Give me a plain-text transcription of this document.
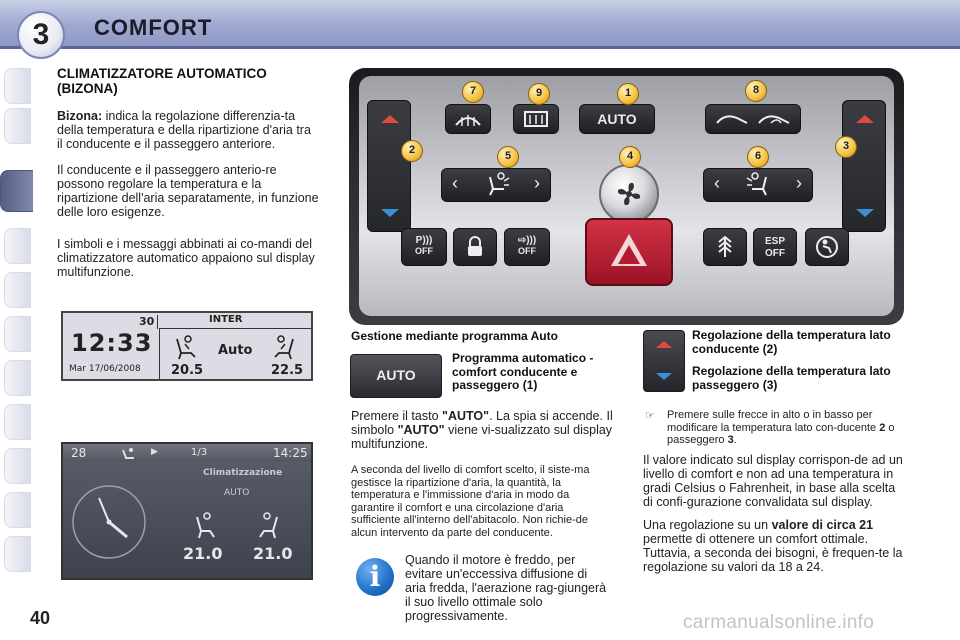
3	COMFORT
CLIMATIZZATORE AUTOMATICO (BIZONA)
Bizona: indica la regolazione differenzia-ta della temperatura e della ripartizione d'aria tra il conducente e il passeggero anteriore.
Il conducente e il passeggero anterio-re possono regolare la temperatura e la ripartizione dell'aria separatamente, in funzione delle loro esigenze.
I simboli e i messaggi abbinati ai co-mandi del climatizzatore automatico appaiono sul display multifunzione.
30	INTER
12:33
Mar 17/06/2008
Auto
20.5	22.5
28	▶	1/3	14:25
Climatizzazione
AUTO
21.0 21.0
AUTO
‹	›	‹	›
P)))
OFF
⇨)))
OFF
ESP
OFF
7	9	1	8
2	5	4	6
3
Gestione mediante programma Auto
AUTO
Programma automatico - comfort conducente e passeggero (1)
Premere il tasto "AUTO". La spia si accende. Il simbolo "AUTO" viene vi-sualizzato sul display multifunzione.
A seconda del livello di comfort scelto, il siste-ma gestisce la ripartizione d'aria, la quantità, la temperatura e l'immissione d'aria in modo da garantire il comfort e una circolazione d'aria sufficiente all'interno dell'abitacolo. Non richie-de alcun intervento da parte del conducente.
i	Quando il motore è freddo, per evitare un'eccessiva diffusione di aria fredda, l'aerazione rag-giungerà il suo livello ottimale solo progressivamente.
Regolazione della temperatura lato conducente (2)
Regolazione della temperatura lato passeggero (3)
☞ Premere sulle frecce in alto o in basso per modificare la temperatura lato con-ducente 2 o passeggero 3.
Il valore indicato sul display corrispon-de ad un livello di comfort e non ad una temperatura in gradi Celsius o Fahrenheit, in base alla scelta di confi-gurazione convalidata sul display.
Una regolazione su un valore di circa 21 permette di ottenere un comfort ottimale. Tuttavia, a seconda dei bisogni, è frequen-te la regolazione su valori da 18 a 24.
40	carmanualsonline.info
